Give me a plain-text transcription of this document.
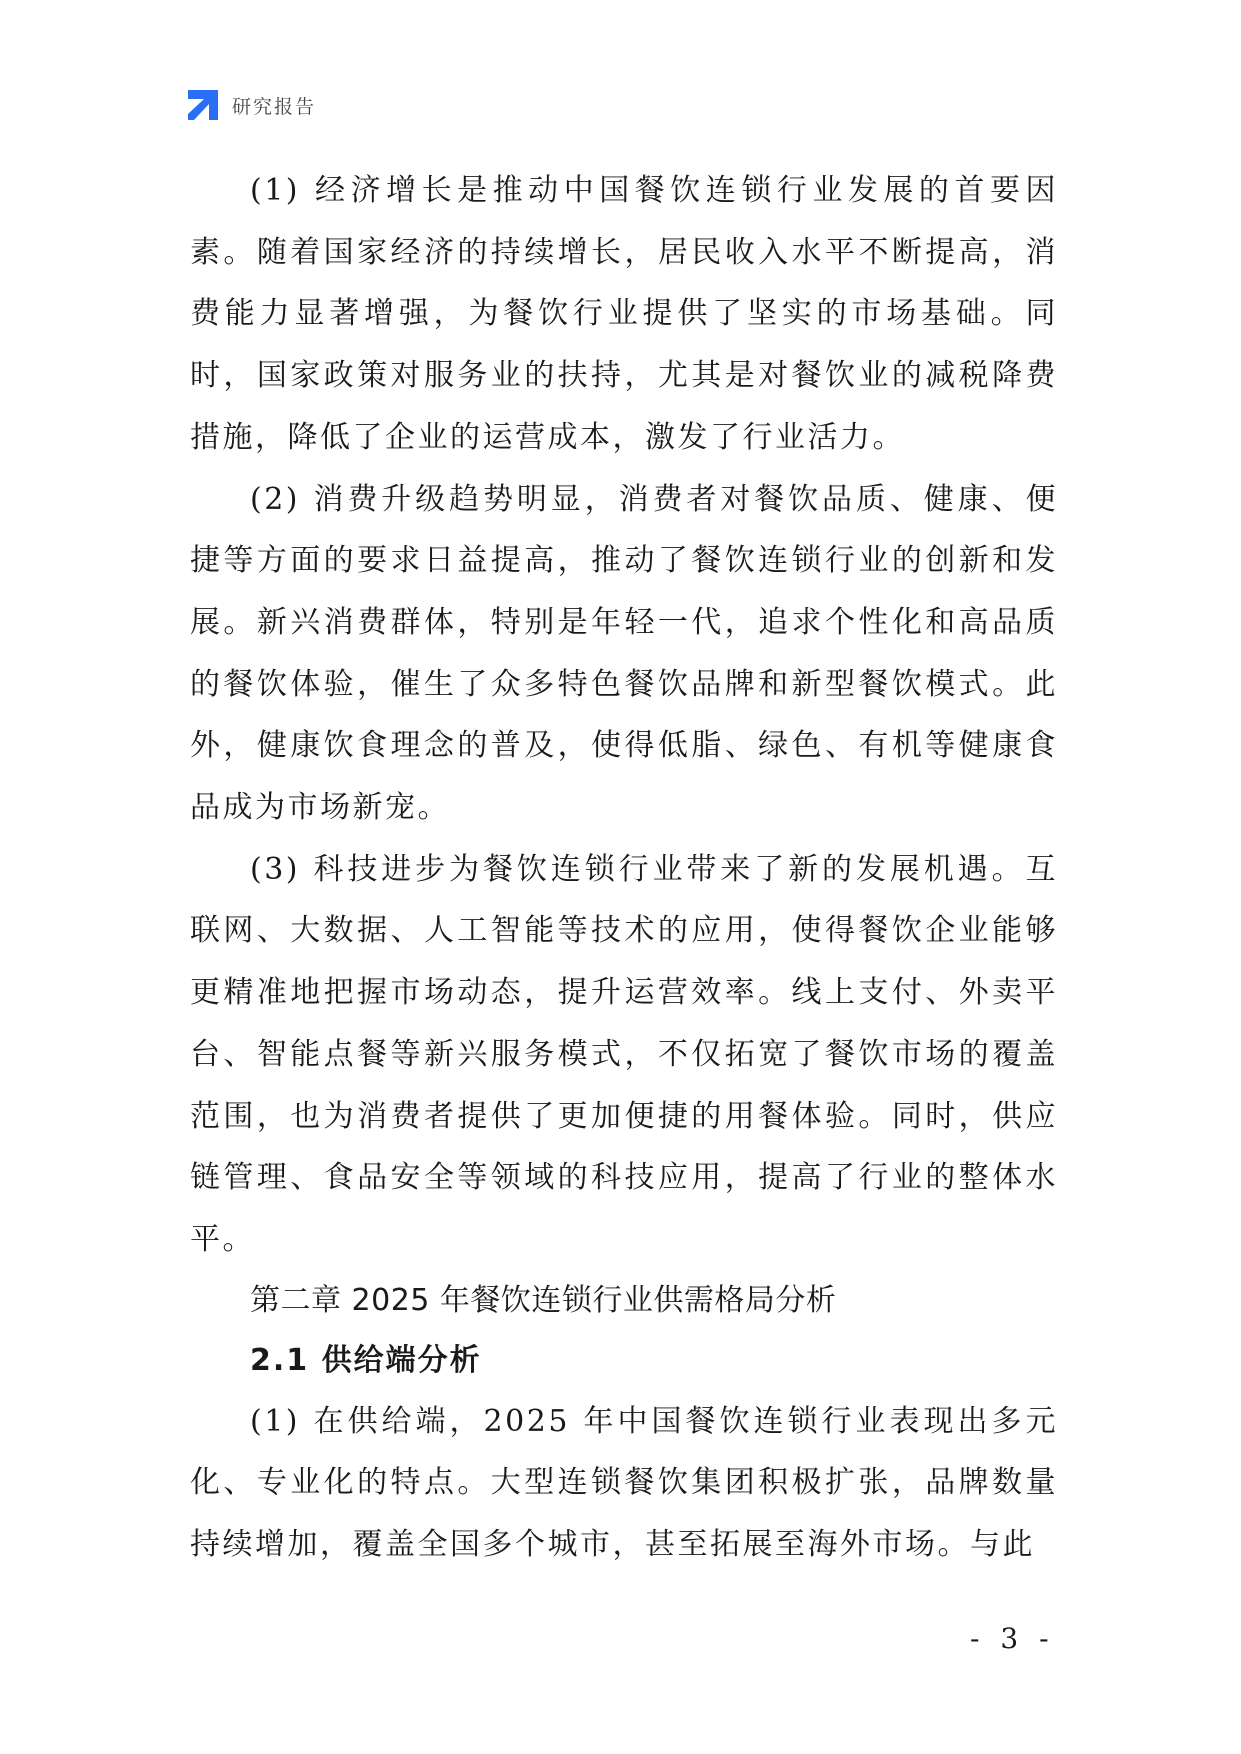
研究报告

(1) 经济增长是推动中国餐饮连锁行业发展的首要因素。随着国家经济的持续增长，居民收入水平不断提高，消费能力显著增强，为餐饮行业提供了坚实的市场基础。同时，国家政策对服务业的扶持，尤其是对餐饮业的减税降费措施，降低了企业的运营成本，激发了行业活力。

(2) 消费升级趋势明显，消费者对餐饮品质、健康、便捷等方面的要求日益提高，推动了餐饮连锁行业的创新和发展。新兴消费群体，特别是年轻一代，追求个性化和高品质的餐饮体验，催生了众多特色餐饮品牌和新型餐饮模式。此外，健康饮食理念的普及，使得低脂、绿色、有机等健康食品成为市场新宠。

(3) 科技进步为餐饮连锁行业带来了新的发展机遇。互联网、大数据、人工智能等技术的应用，使得餐饮企业能够更精准地把握市场动态，提升运营效率。线上支付、外卖平台、智能点餐等新兴服务模式，不仅拓宽了餐饮市场的覆盖范围，也为消费者提供了更加便捷的用餐体验。同时，供应链管理、食品安全等领域的科技应用，提高了行业的整体水平。

第二章 2025 年餐饮连锁行业供需格局分析
2.1 供给端分析

(1) 在供给端，2025 年中国餐饮连锁行业表现出多元化、专业化的特点。大型连锁餐饮集团积极扩张，品牌数量持续增加，覆盖全国多个城市，甚至拓展至海外市场。与此

- 3 -
